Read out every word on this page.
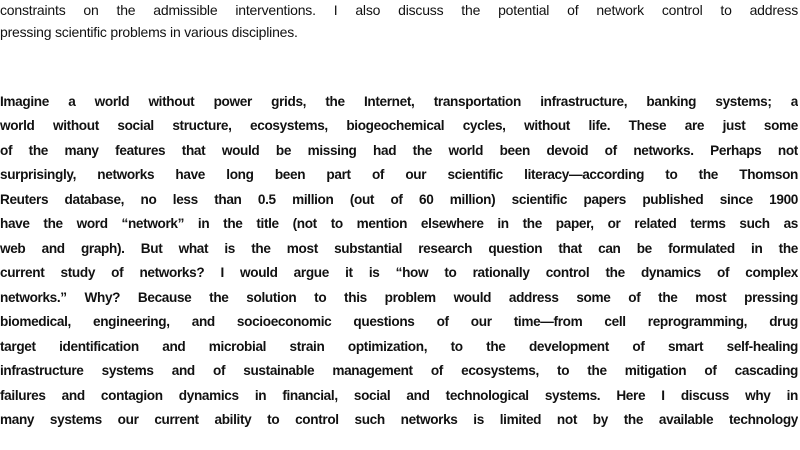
constraints on the admissible interventions. I also discuss the potential of network control to address
pressing scientific problems in various disciplines.
Imagine a world without power grids, the Internet, transportation infrastructure, banking systems; a
world without social structure, ecosystems, biogeochemical cycles, without life. These are just some
of the many features that would be missing had the world been devoid of networks. Perhaps not
surprisingly, networks have long been part of our scientific literacy—according to the Thomson
Reuters database, no less than 0.5 million (out of 60 million) scientific papers published since 1900
have the word “network” in the title (not to mention elsewhere in the paper, or related terms such as
web and graph). But what is the most substantial research question that can be formulated in the
current study of networks? I would argue it is “how to rationally control the dynamics of complex
networks.” Why? Because the solution to this problem would address some of the most pressing
biomedical, engineering, and socioeconomic questions of our time—from cell reprogramming, drug
target identification and microbial strain optimization, to the development of smart self-healing
infrastructure systems and of sustainable management of ecosystems, to the mitigation of cascading
failures and contagion dynamics in financial, social and technological systems. Here I discuss why in
many systems our current ability to control such networks is limited not by the available technology
